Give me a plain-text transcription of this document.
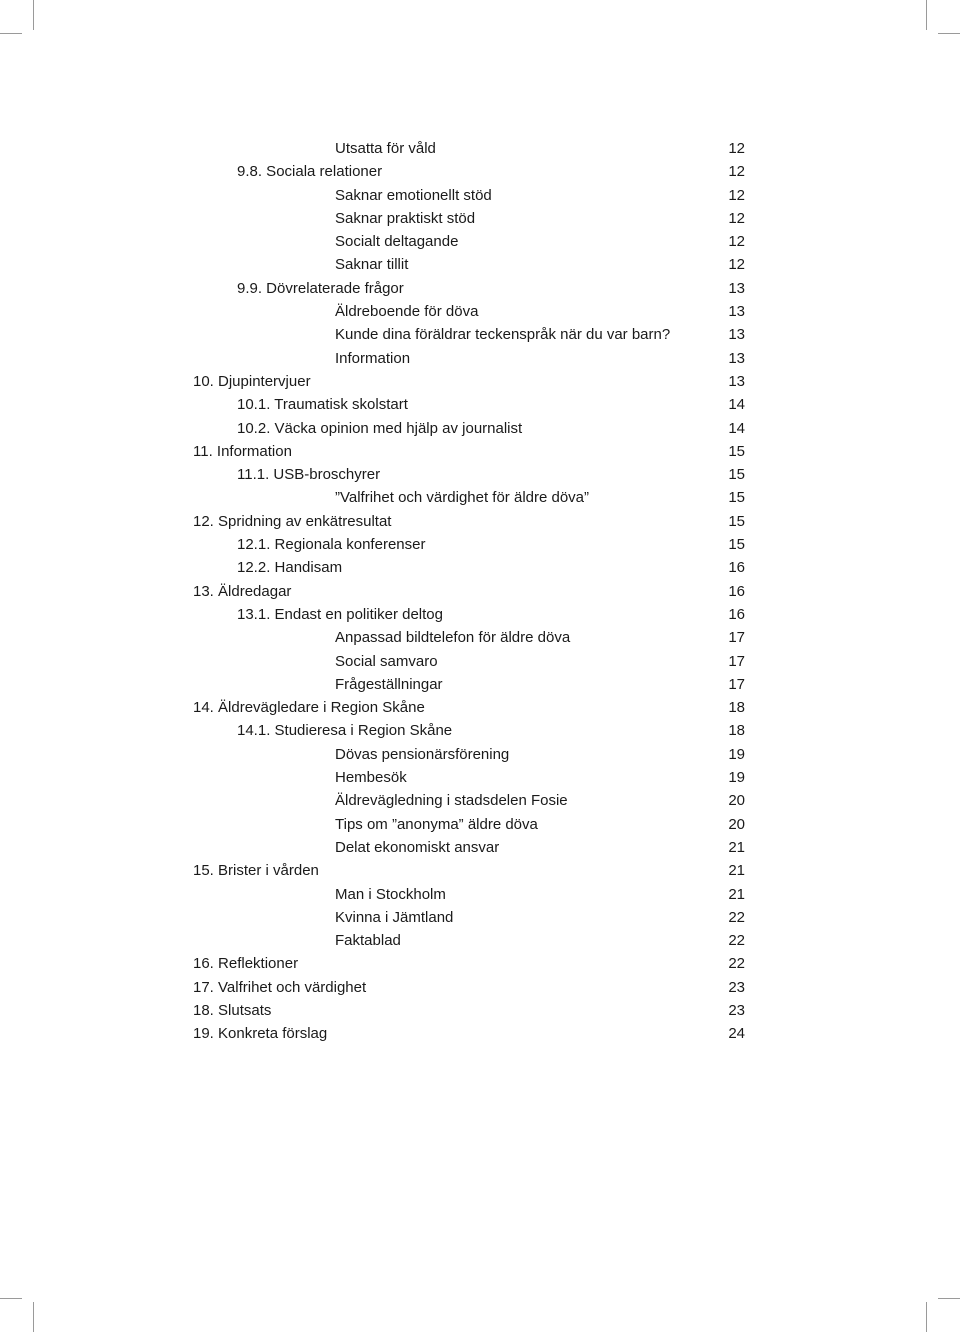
Utsatta för våld	12
9.8. Sociala relationer	12
Saknar emotionellt stöd	12
Saknar praktiskt stöd	12
Socialt deltagande	12
Saknar tillit	12
9.9. Dövrelaterade frågor	13
Äldreboende för döva	13
Kunde dina föräldrar teckenspråk när du var barn?	13
Information	13
10. Djupintervjuer	13
10.1. Traumatisk skolstart	14
10.2. Väcka opinion med hjälp av journalist	14
11. Information	15
11.1. USB-broschyrer	15
”Valfrihet och värdighet för äldre döva”	15
12. Spridning av enkätresultat	15
12.1. Regionala konferenser	15
12.2. Handisam	16
13. Äldredagar	16
13.1. Endast en politiker deltog	16
Anpassad bildtelefon för äldre döva	17
Social samvaro	17
Frågeställningar	17
14. Äldrevägledare i Region Skåne	18
14.1. Studieresa i Region Skåne	18
Dövas pensionärsförening	19
Hembesök	19
Äldrevägledning i stadsdelen Fosie	20
Tips om ”anonyma” äldre döva	20
Delat ekonomiskt ansvar	21
15. Brister i vården	21
Man i Stockholm	21
Kvinna i Jämtland	22
Faktablad	22
16. Reflektioner	22
17. Valfrihet och värdighet	23
18. Slutsats	23
19. Konkreta förslag	24
